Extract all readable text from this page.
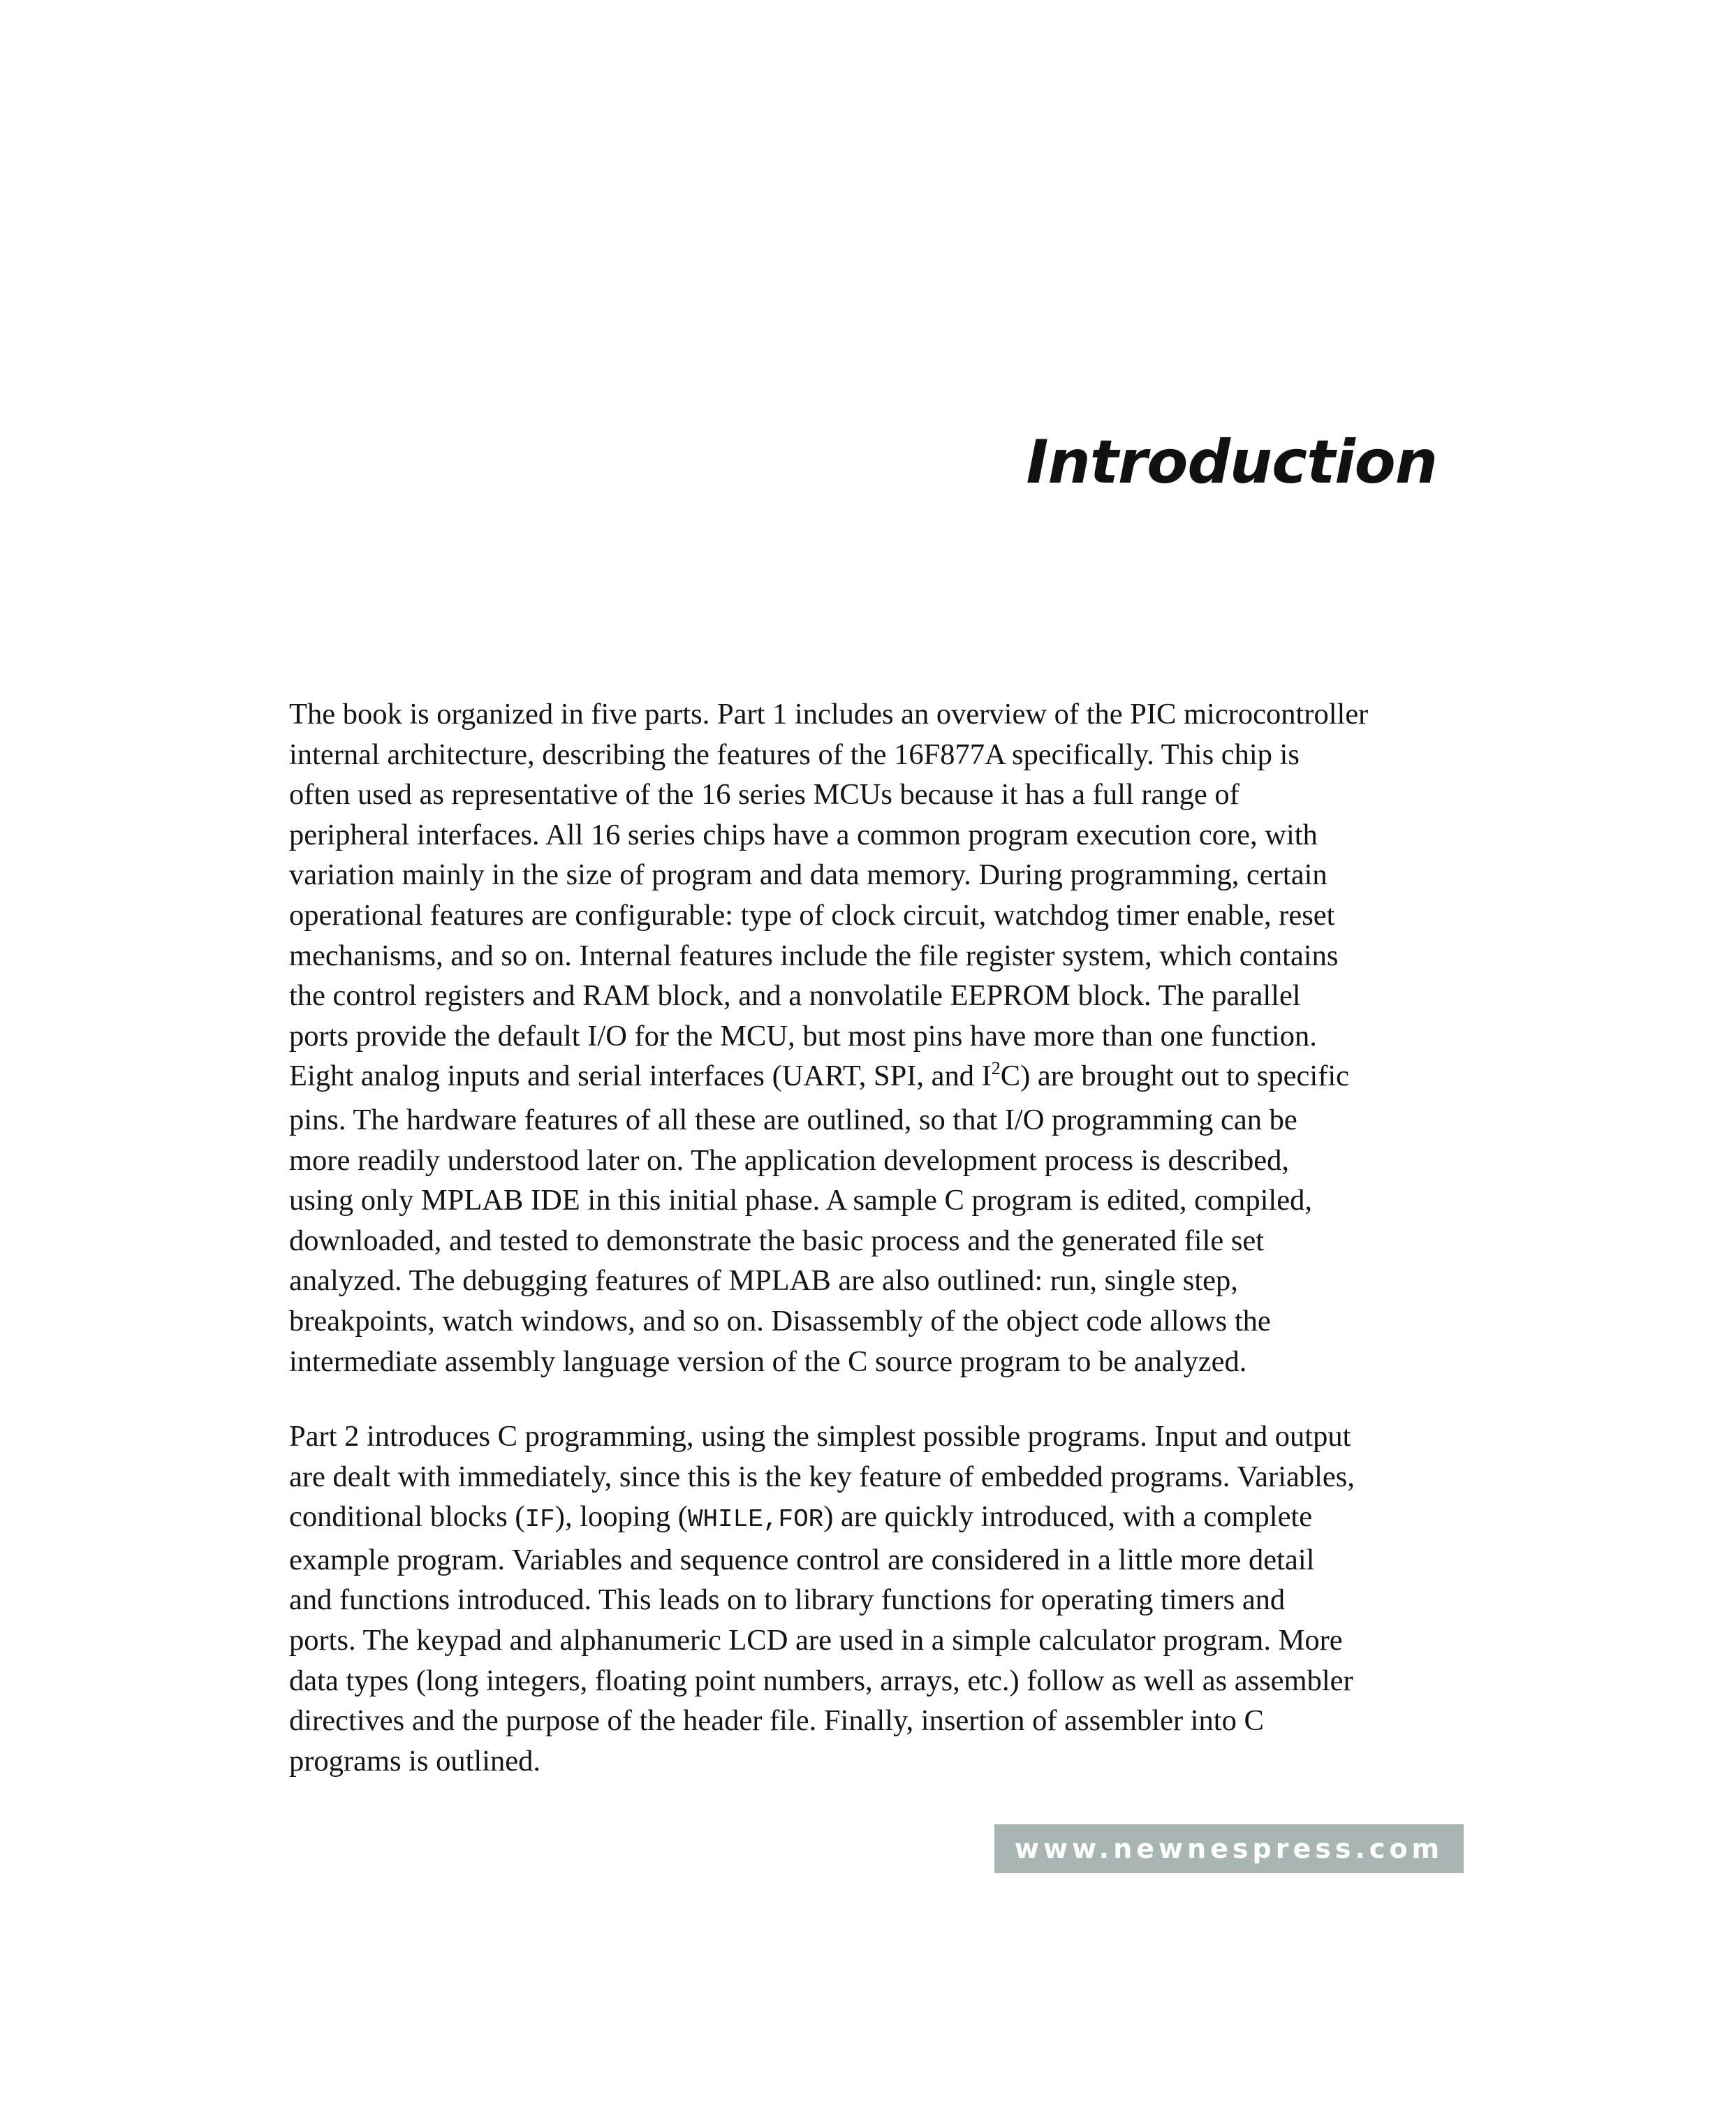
Introduction

The book is organized in five parts. Part 1 includes an overview of the PIC microcontroller

internal architecture, describing the features of the 16F877A specifically. This chip is

often used as representative of the 16 series MCUs because it has a full range of

peripheral interfaces. All 16 series chips have a common program execution core, with

variation mainly in the size of program and data memory. During programming, certain

operational features are configurable: type of clock circuit, watchdog timer enable, reset

mechanisms, and so on. Internal features include the file register system, which contains

the control registers and RAM block, and a nonvolatile EEPROM block. The parallel

ports provide the default I/O for the MCU, but most pins have more than one function.

Eight analog inputs and serial interfaces (UART, SPI, and $I^2C$) are brought out to specific

pins. The hardware features of all these are outlined, so that I/O programming can be

more readily understood later on. The application development process is described,

using only MPLAB IDE in this initial phase. A sample C program is edited, compiled,

downloaded, and tested to demonstrate the basic process and the generated file set

analyzed. The debugging features of MPLAB are also outlined: run, single step,

breakpoints, watch windows, and so on. Disassembly of the object code allows the

intermediate assembly language version of the C source program to be analyzed.

Part 2 introduces C programming, using the simplest possible programs. Input and output

are dealt with immediately, since this is the key feature of embedded programs. Variables,

conditional blocks (IF), looping (WHILE,FOR) are quickly introduced, with a complete

example program. Variables and sequence control are considered in a little more detail

and functions introduced. This leads on to library functions for operating timers and

ports. The keypad and alphanumeric LCD are used in a simple calculator program. More

data types (long integers, floating point numbers, arrays, etc.) follow as well as assembler

directives and the purpose of the header file. Finally, insertion of assembler into C

programs is outlined.

www.newnespress.com
